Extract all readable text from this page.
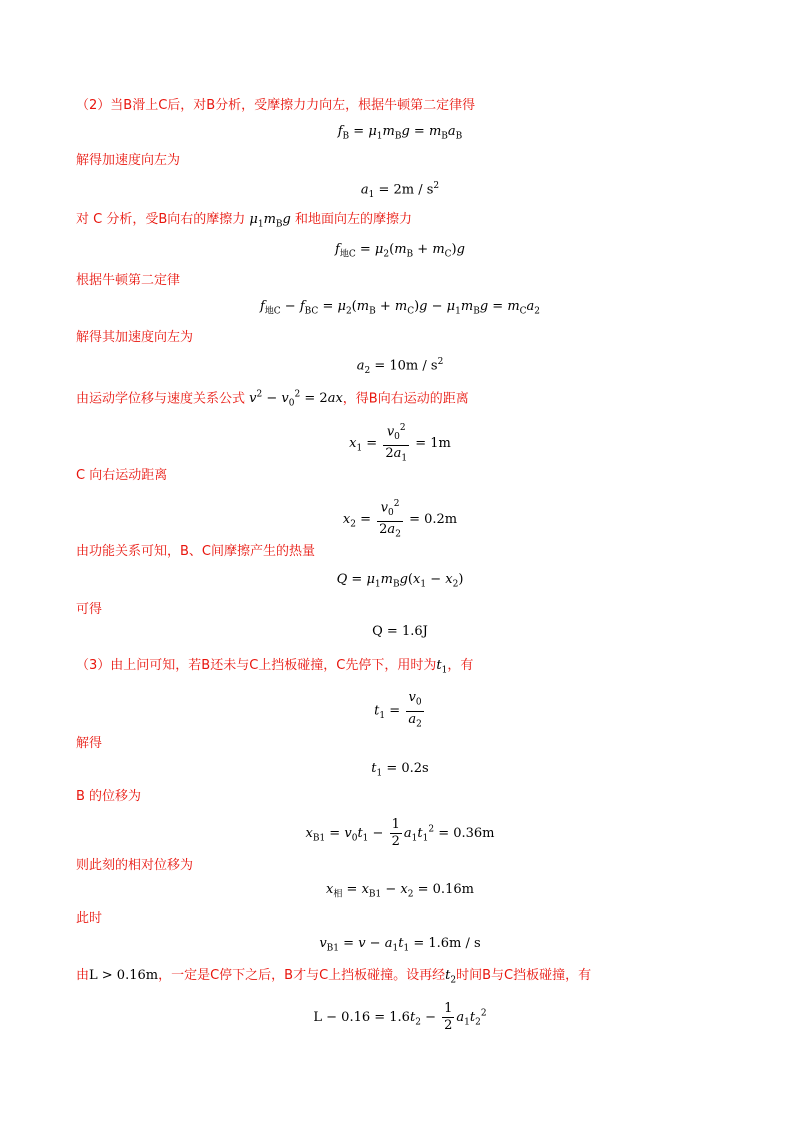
（2）当B滑上C后，对B分析，受摩擦力力向左，根据牛顿第二定律得
$f_B = \mu_1m_Bg = m_Ba_B$
解得加速度向左为
$a_1 = 2m / s^2$
对 C 分析，受B向右的摩擦力 $\mu_1m_Bg$ 和地面向左的摩擦力
$f_{地C} = \mu_2(m_B + m_C)g$
根据牛顿第二定律
$f_{地C} - f_{BC} = \mu_2(m_B + m_C)g - \mu_1m_Bg = m_Ca_2$
解得其加速度向左为
$a_2 = 10m / s^2$
由运动学位移与速度关系公式 $v^2 - v_0^2 = 2ax$，得B向右运动的距离
$x_1 = \frac{v_0^2}{2a_1} = 1m$
C 向右运动距离
$x_2 = \frac{v_0^2}{2a_2} = 0.2m$
由功能关系可知，B、C间摩擦产生的热量
$Q = \mu_1m_Bg(x_1 - x_2)$
可得
Q = 1.6J
（3）由上问可知，若B还未与C上挡板碰撞，C先停下，用时为$t_1$，有
$t_1 = \frac{v_0}{a_2}$
解得
$t_1 = 0.2s$
B 的位移为
$x_{B1} = v_0t_1 - \frac{1}{2} a_1t_1^2 = 0.36m$
则此刻的相对位移为
$x_相 = x_{B1} - x_2 = 0.16m$
此时
$v_{B1} = v - a_1t_1 = 1.6m / s$
由L > 0.16m，一定是C停下之后，B才与C上挡板碰撞。设再经$t_2$时间B与C挡板碰撞，有
$L - 0.16 = 1.6t_2 - \frac{1}{2} a_1t_2^2$
